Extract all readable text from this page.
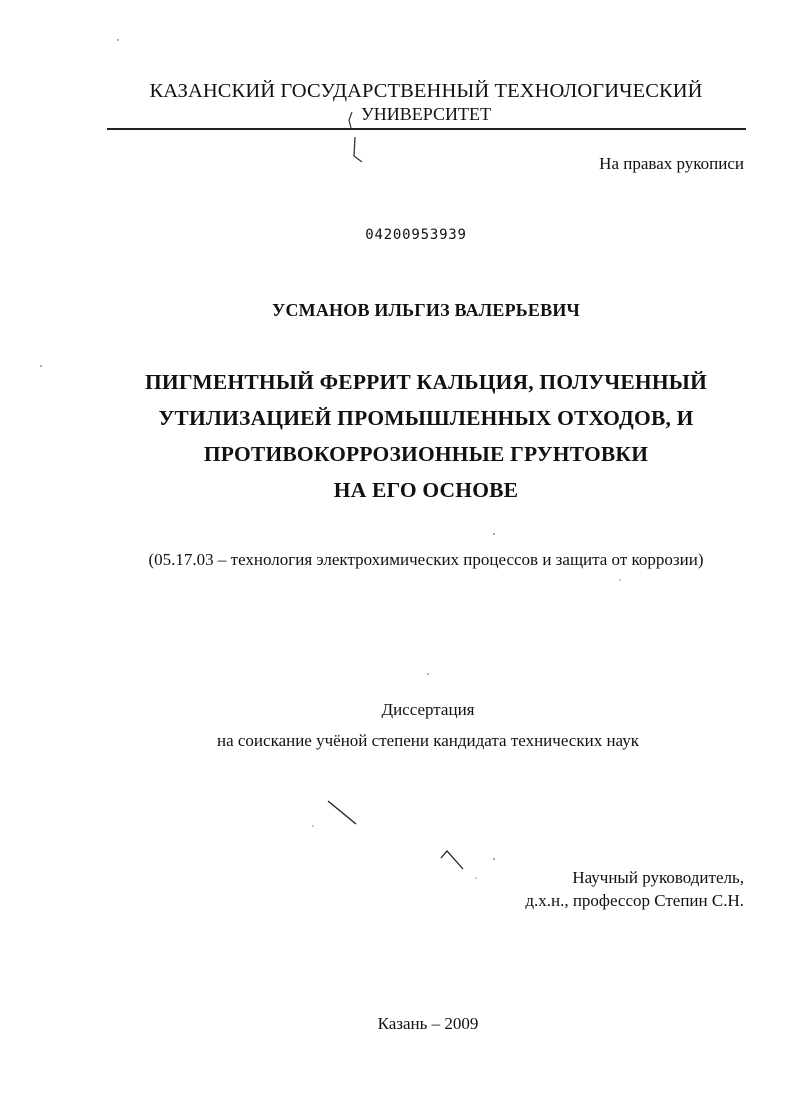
КАЗАНСКИЙ ГОСУДАРСТВЕННЫЙ ТЕХНОЛОГИЧЕСКИЙ
УНИВЕРСИТЕТ
На правах рукописи
04200953939
УСМАНОВ ИЛЬГИЗ ВАЛЕРЬЕВИЧ
ПИГМЕНТНЫЙ ФЕРРИТ КАЛЬЦИЯ, ПОЛУЧЕННЫЙ
УТИЛИЗАЦИЕЙ ПРОМЫШЛЕННЫХ ОТХОДОВ, И
ПРОТИВОКОРРОЗИОННЫЕ ГРУНТОВКИ
НА ЕГО ОСНОВЕ
(05.17.03 – технология электрохимических процессов и защита от коррозии)
Диссертация
на соискание учёной степени кандидата технических наук
Научный руководитель,
д.х.н., профессор Степин С.Н.
Казань – 2009
